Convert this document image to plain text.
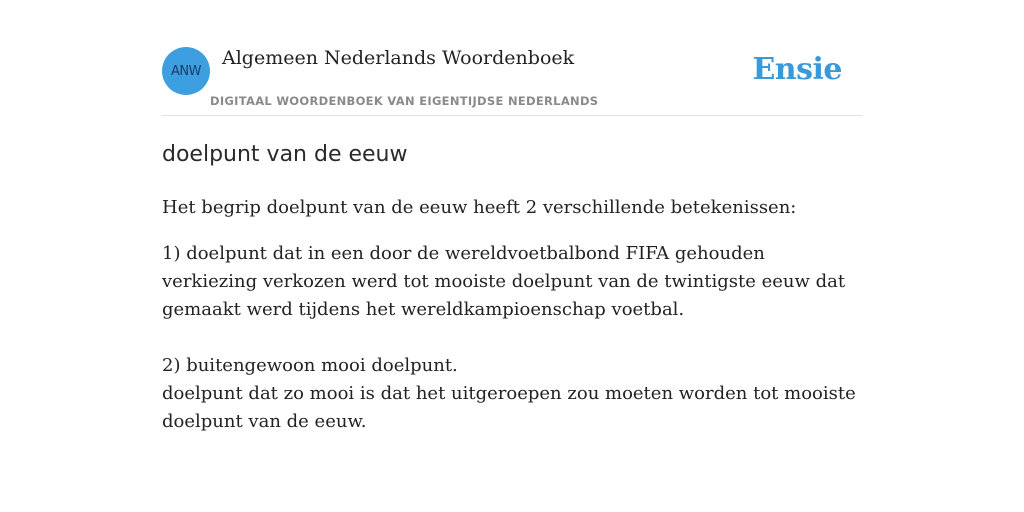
ANW
Algemeen Nederlands Woordenboek
DIGITAAL WOORDENBOEK VAN EIGENTIJDSE NEDERLANDS
Ensie
doelpunt van de eeuw

Het begrip doelpunt van de eeuw heeft 2 verschillende betekenissen:

1) doelpunt dat in een door de wereldvoetbalbond FIFA gehouden verkiezing verkozen werd tot mooiste doelpunt van de twintigste eeuw dat gemaakt werd tijdens het wereldkampioenschap voetbal.

2) buitengewoon mooi doelpunt.

doelpunt dat zo mooi is dat het uitgeroepen zou moeten worden tot mooiste doelpunt van de eeuw.
